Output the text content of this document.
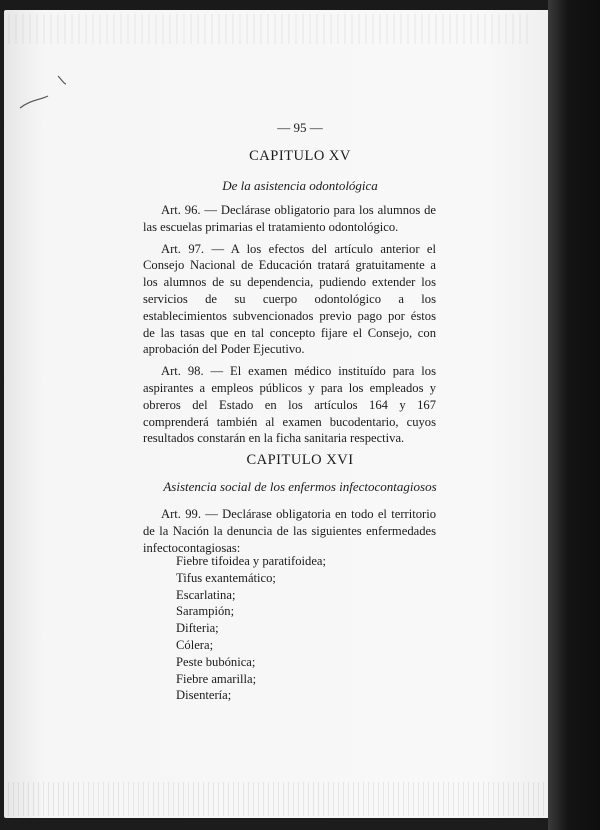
— 95 —
CAPITULO XV
De la asistencia odontológica

Art. 96. — Declárase obligatorio para los alumnos de las escuelas primarias el tratamiento odontológico.

Art. 97. — A los efectos del artículo anterior el Consejo Nacional de Educación tratará gratuitamente a los alumnos de su dependencia, pudiendo extender los servicios de su cuerpo odontológico a los establecimientos subvencionados previo pago por éstos de las tasas que en tal concepto fijare el Consejo, con aprobación del Poder Ejecutivo.

Art. 98. — El examen médico instituído para los aspirantes a empleos públicos y para los empleados y obreros del Estado en los artículos 164 y 167 comprenderá también al examen bucodentario, cuyos resultados constarán en la ficha sanitaria respectiva.

CAPITULO XVI
Asistencia social de los enfermos infectocontagiosos

Art. 99. — Declárase obligatoria en todo el territorio de la Nación la denuncia de las siguientes enfermedades infectocontagiosas:

Fiebre tifoidea y paratifoidea;
Tifus exantemático;
Escarlatina;
Sarampión;
Difteria;
Cólera;
Peste bubónica;
Fiebre amarilla;
Disentería;
